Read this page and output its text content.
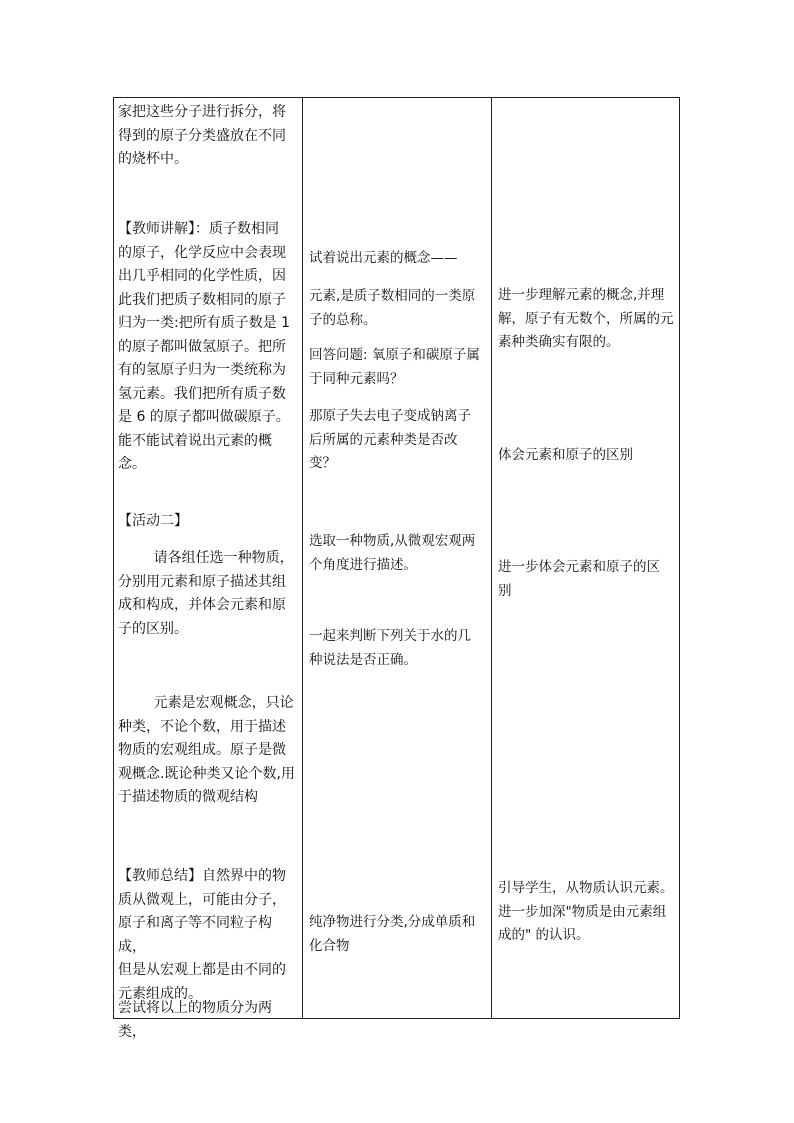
家把这些分子进行拆分，将
得到的原子分类盛放在不同
的烧杯中。

【教师讲解】：质子数相同
的原子，化学反应中会表现
出几乎相同的化学性质，因
此我们把质子数相同的原子
归为一类:把所有质子数是 1
的原子都叫做氢原子。把所
有的氢原子归为一类统称为
氢元素。我们把所有质子数
是 6 的原子都叫做碳原子。
能不能试着说出元素的概念。

【活动二】

请各组任选一种物质，
分别用元素和原子描述其组
成和构成，并体会元素和原
子的区别。

元素是宏观概念，只论
种类，不论个数，用于描述
物质的宏观组成。原子是微
观概念.既论种类又论个数,用
于描述物质的微观结构

【教师总结】自然界中的物
质从微观上，可能由分子，
原子和离子等不同粒子构成，
但是从宏观上都是由不同的
元素组成的。

尝试将以上的物质分为两类，

试着说出元素的概念——

元素,是质子数相同的一类原
子的总称。

回答问题: 氧原子和碳原子属
于同种元素吗？

那原子失去电子变成钠离子
后所属的元素种类是否改
变？

选取一种物质,从微观宏观两
个角度进行描述。

一起来判断下列关于水的几
种说法是否正确。

纯净物进行分类,分成单质和
化合物

进一步理解元素的概念,并理
解，原子有无数个，所属的元
素种类确实有限的。

体会元素和原子的区别

进一步体会元素和原子的区
别

引导学生，从物质认识元素。
进一步加深"物质是由元素组
成的" 的认识。
